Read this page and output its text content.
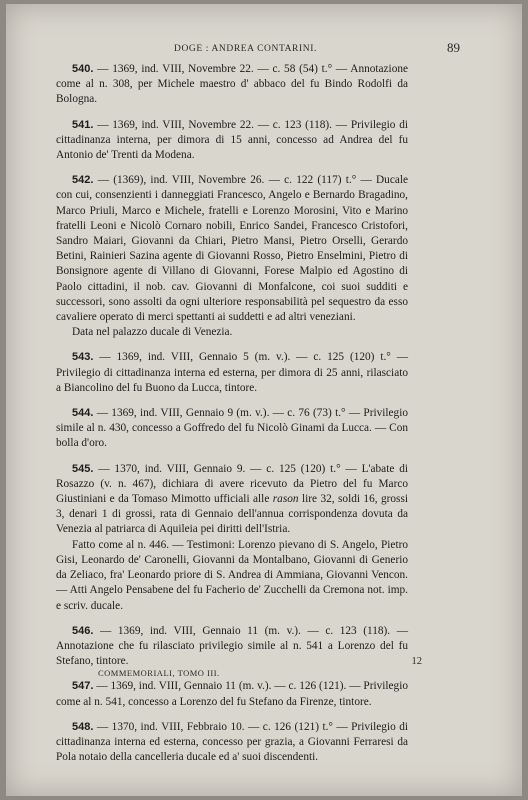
DOGE : ANDREA CONTARINI.	89

540. — 1369, ind. VIII, Novembre 22. — c. 58 (54) t.° — Annotazione come al n. 308, per Michele maestro d' abbaco del fu Bindo Rodolfi da Bologna.

541. — 1369, ind. VIII, Novembre 22. — c. 123 (118). — Privilegio di cittadinanza interna, per dimora di 15 anni, concesso ad Andrea del fu Antonio de' Trenti da Modena.

542. — (1369), ind. VIII, Novembre 26. — c. 122 (117) t.° — Ducale con cui, consenzienti i danneggiati Francesco, Angelo e Bernardo Bragadino, Marco Priuli, Marco e Michele, fratelli e Lorenzo Morosini, Vito e Marino fratelli Leoni e Nicolò Cornaro nobili, Enrico Sandei, Francesco Cristofori, Sandro Maiari, Giovanni da Chiari, Pietro Mansi, Pietro Orselli, Gerardo Betini, Rainieri Sazina agente di Giovanni Rosso, Pietro Enselmini, Pietro di Bonsignore agente di Villano di Giovanni, Forese Malpio ed Agostino di Paolo cittadini, il nob. cav. Giovanni di Monfalcone, coi suoi sudditi e successori, sono assolti da ogni ulteriore responsabilità pel sequestro da esso cavaliere operato di merci spettanti ai suddetti e ad altri veneziani.

Data nel palazzo ducale di Venezia.

543. — 1369, ind. VIII, Gennaio 5 (m. v.). — c. 125 (120) t.° — Privilegio di cittadinanza interna ed esterna, per dimora di 25 anni, rilasciato a Biancolino del fu Buono da Lucca, tintore.

544. — 1369, ind. VIII, Gennaio 9 (m. v.). — c. 76 (73) t.° — Privilegio simile al n. 430, concesso a Goffredo del fu Nicolò Ginami da Lucca. — Con bolla d'oro.

545. — 1370, ind. VIII, Gennaio 9. — c. 125 (120) t.° — L'abate di Rosazzo (v. n. 467), dichiara di avere ricevuto da Pietro del fu Marco Giustiniani e da Tomaso Mimotto ufficiali alle rason lire 32, soldi 16, grossi 3, denari 1 di grossi, rata di Gennaio dell'annua corrispondenza dovuta da Venezia al patriarca di Aquileia pei diritti dell'Istria.

Fatto come al n. 446. — Testimoni: Lorenzo pievano di S. Angelo, Pietro Gisi, Leonardo de' Caronelli, Giovanni da Montalbano, Giovanni di Generio da Zeliaco, fra' Leonardo priore di S. Andrea di Ammiana, Giovanni Vencon. — Atti Angelo Pensabene del fu Facherio de' Zucchelli da Cremona not. imp. e scriv. ducale.

546. — 1369, ind. VIII, Gennaio 11 (m. v.). — c. 123 (118). — Annotazione che fu rilasciato privilegio simile al n. 541 a Lorenzo del fu Stefano, tintore.

547. — 1369, ind. VIII, Gennaio 11 (m. v.). — c. 126 (121). — Privilegio come al n. 541, concesso a Lorenzo del fu Stefano da Firenze, tintore.

548. — 1370, ind. VIII, Febbraio 10. — c. 126 (121) t.° — Privilegio di cittadinanza interna ed esterna, concesso per grazia, a Giovanni Ferraresi da Pola notaio della cancelleria ducale ed a' suoi discendenti.

COMMEMORIALI, TOMO III.
12
